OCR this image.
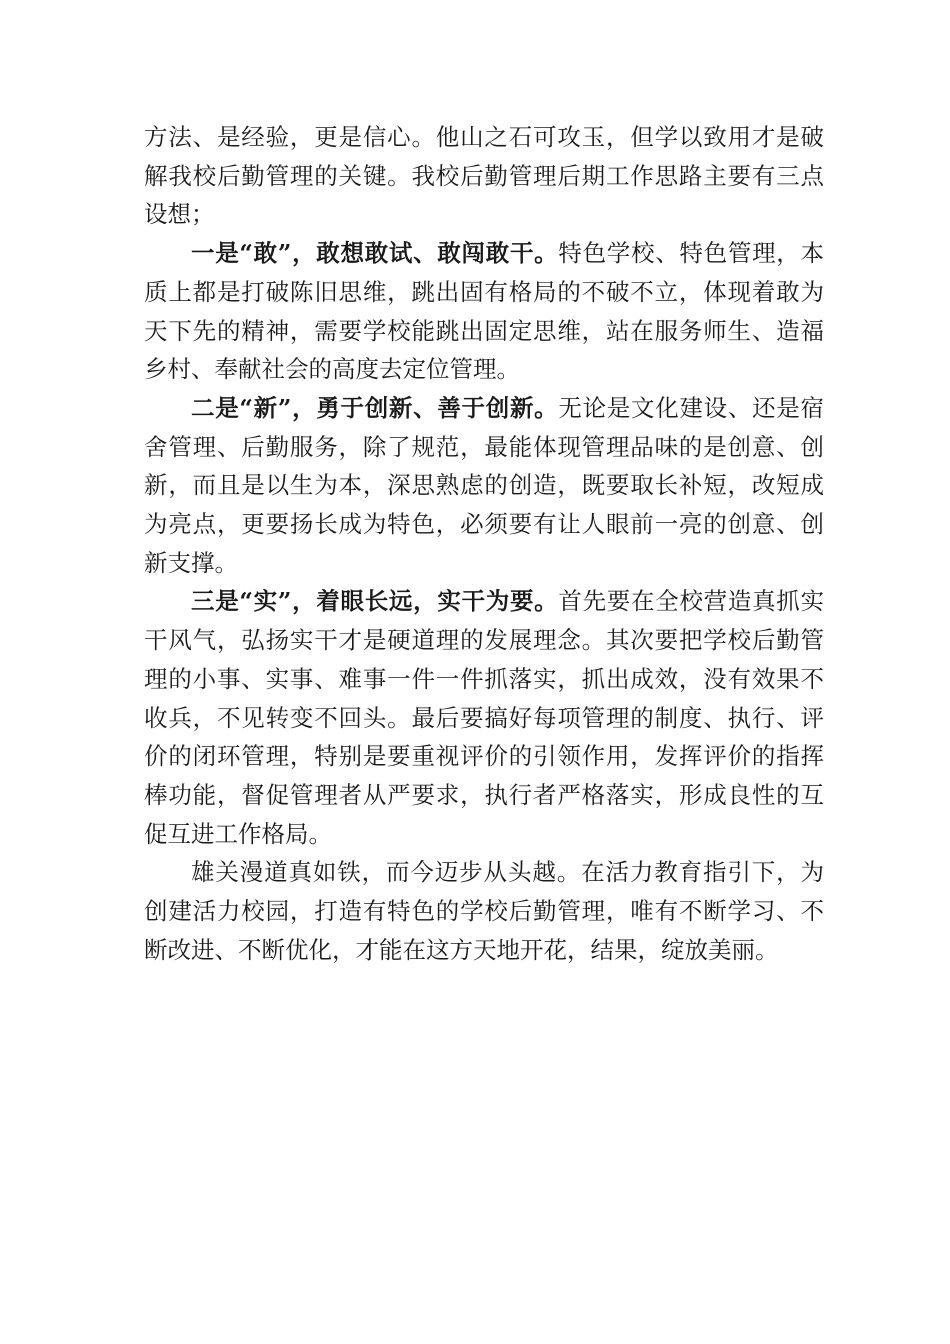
方法、是经验，更是信心。他山之石可攻玉，但学以致用才是破解我校后勤管理的关键。我校后勤管理后期工作思路主要有三点设想；

一是“敢”，敢想敢试、敢闯敢干。特色学校、特色管理，本质上都是打破陈旧思维，跳出固有格局的不破不立，体现着敢为天下先的精神，需要学校能跳出固定思维，站在服务师生、造福乡村、奉献社会的高度去定位管理。

二是“新”，勇于创新、善于创新。无论是文化建设、还是宿舍管理、后勤服务，除了规范，最能体现管理品味的是创意、创新，而且是以生为本，深思熟虑的创造，既要取长补短，改短成为亮点，更要扬长成为特色，必须要有让人眼前一亮的创意、创新支撑。

三是“实”，着眼长远，实干为要。首先要在全校营造真抓实干风气，弘扬实干才是硬道理的发展理念。其次要把学校后勤管理的小事、实事、难事一件一件抓落实，抓出成效，没有效果不收兵，不见转变不回头。最后要搞好每项管理的制度、执行、评价的闭环管理，特别是要重视评价的引领作用，发挥评价的指挥棒功能，督促管理者从严要求，执行者严格落实，形成良性的互促互进工作格局。

雄关漫道真如铁，而今迈步从头越。在活力教育指引下，为创建活力校园，打造有特色的学校后勤管理，唯有不断学习、不断改进、不断优化，才能在这方天地开花，结果，绽放美丽。
